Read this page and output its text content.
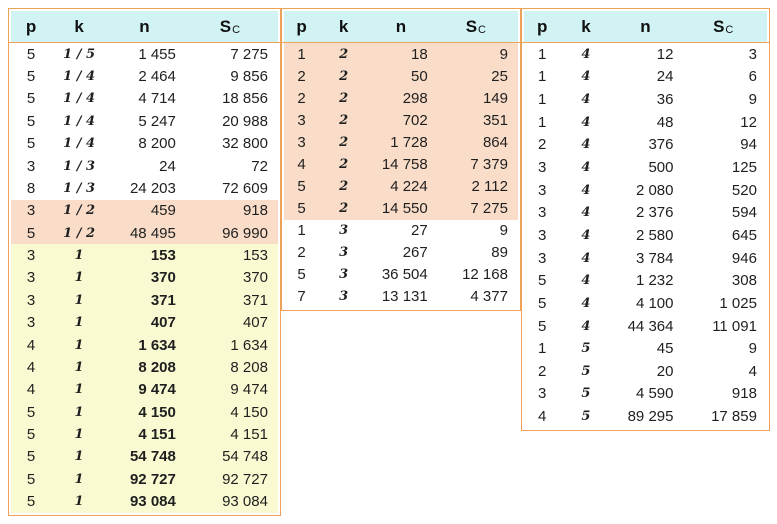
p	k	n	S C
5	1 / 5	1 455	7 275
5	1 / 4	2 464	9 856
5	1 / 4	4 714	18 856
5	1 / 4	5 247	20 988
5	1 / 4	8 200	32 800
3	1 / 3	24	72
8	1 / 3	24 203	72 609
3	1 / 2	459	918
5	1 / 2	48 495	96 990
3	1	153	153
3	1	370	370
3	1	371	371
3	1	407	407
4	1	1 634	1 634
4	1	8 208	8 208
4	1	9 474	9 474
5	1	4 150	4 150
5	1	4 151	4 151
5	1	54 748	54 748
5	1	92 727	92 727
5	1	93 084	93 084
p	k	n	S C
1	2	18	9
2	2	50	25
2	2	298	149
3	2	702	351
3	2	1 728	864
4	2	14 758	7 379
5	2	4 224	2 112
5	2	14 550	7 275
1	3	27	9
2	3	267	89
5	3	36 504	12 168
7	3	13 131	4 377
p	k	n	S C
1	4	12	3
1	4	24	6
1	4	36	9
1	4	48	12
2	4	376	94
3	4	500	125
3	4	2 080	520
3	4	2 376	594
3	4	2 580	645
3	4	3 784	946
5	4	1 232	308
5	4	4 100	1 025
5	4	44 364	11 091
1	5	45	9
2	5	20	4
3	5	4 590	918
4	5	89 295	17 859
